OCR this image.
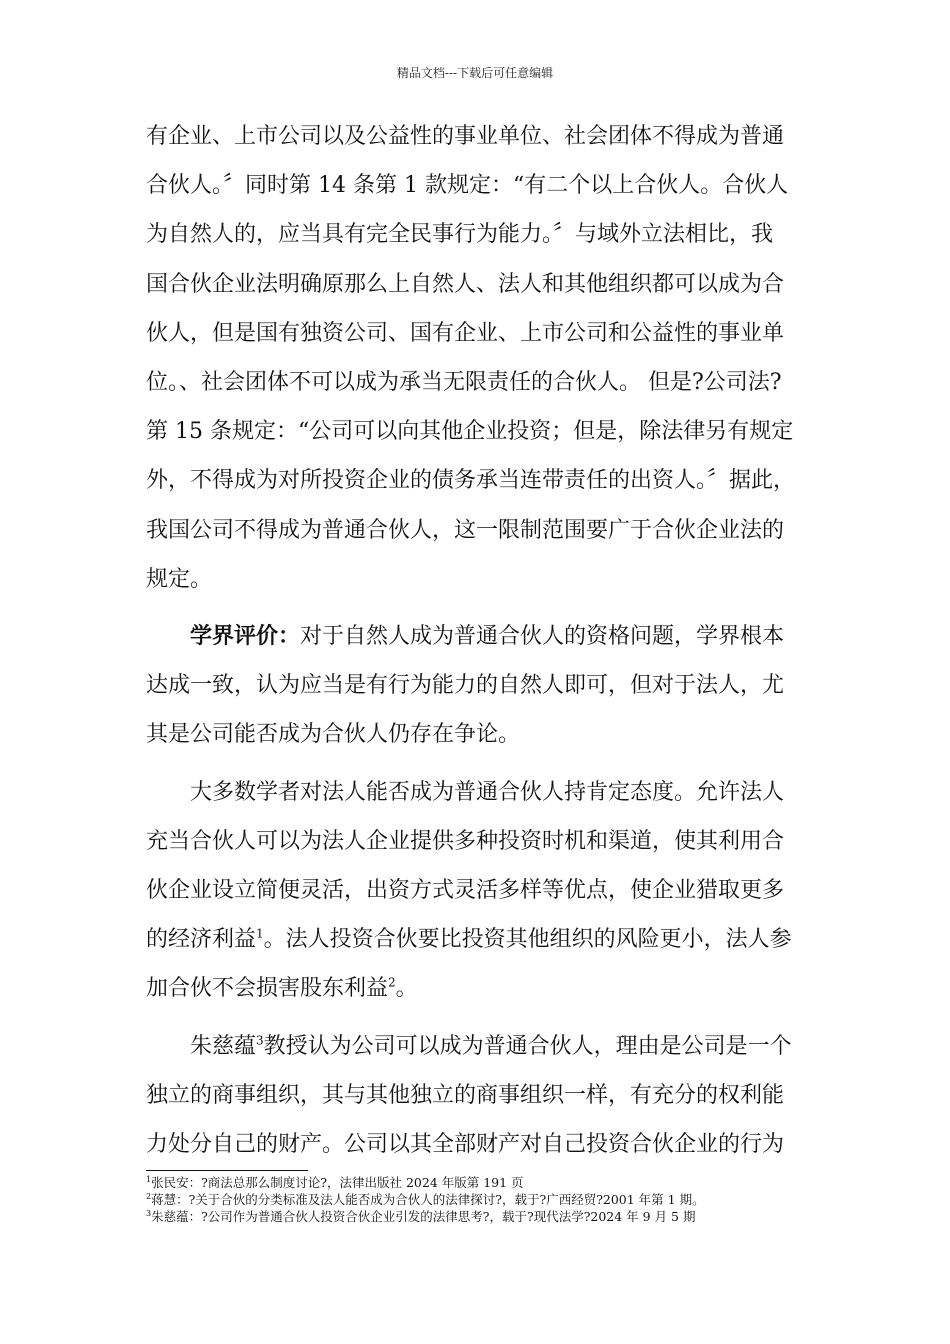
精品文档---下载后可任意编辑

有企业、上市公司以及公益性的事业单位、社会团体不得成为普通
合伙人。〞同时第 14 条第 1 款规定：“有二个以上合伙人。合伙人
为自然人的，应当具有完全民事行为能力。〞与域外立法相比，我
国合伙企业法明确原那么上自然人、法人和其他组织都可以成为合
伙人，但是国有独资公司、国有企业、上市公司和公益性的事业单
位。、社会团体不可以成为承当无限责任的合伙人。 但是?公司法?
第 15 条规定：“公司可以向其他企业投资；但是，除法律另有规定
外，不得成为对所投资企业的债务承当连带责任的出资人。〞据此，
我国公司不得成为普通合伙人，这一限制范围要广于合伙企业法的
规定。

学界评价：对于自然人成为普通合伙人的资格问题，学界根本
达成一致，认为应当是有行为能力的自然人即可，但对于法人，尤
其是公司能否成为合伙人仍存在争论。

大多数学者对法人能否成为普通合伙人持肯定态度。允许法人
充当合伙人可以为法人企业提供多种投资时机和渠道，使其利用合
伙企业设立简便灵活，出资方式灵活多样等优点，使企业猎取更多
的经济利益$^1$。法人投资合伙要比投资其他组织的风险更小，法人参
加合伙不会损害股东利益$^2$。

朱慈蕴$^3$教授认为公司可以成为普通合伙人，理由是公司是一个
独立的商事组织，其与其他独立的商事组织一样，有充分的权利能
力处分自己的财产。公司以其全部财产对自己投资合伙企业的行为

$^1$张民安：?商法总那么制度讨论?，法律出版社 2024 年版第 191 页
$^2$蒋慧：?关于合伙的分类标准及法人能否成为合伙人的法律探讨?，载于?广西经贸?2001 年第 1 期。
$^3$朱慈蕴：?公司作为普通合伙人投资合伙企业引发的法律思考?，载于?现代法学?2024 年 9 月 5 期
